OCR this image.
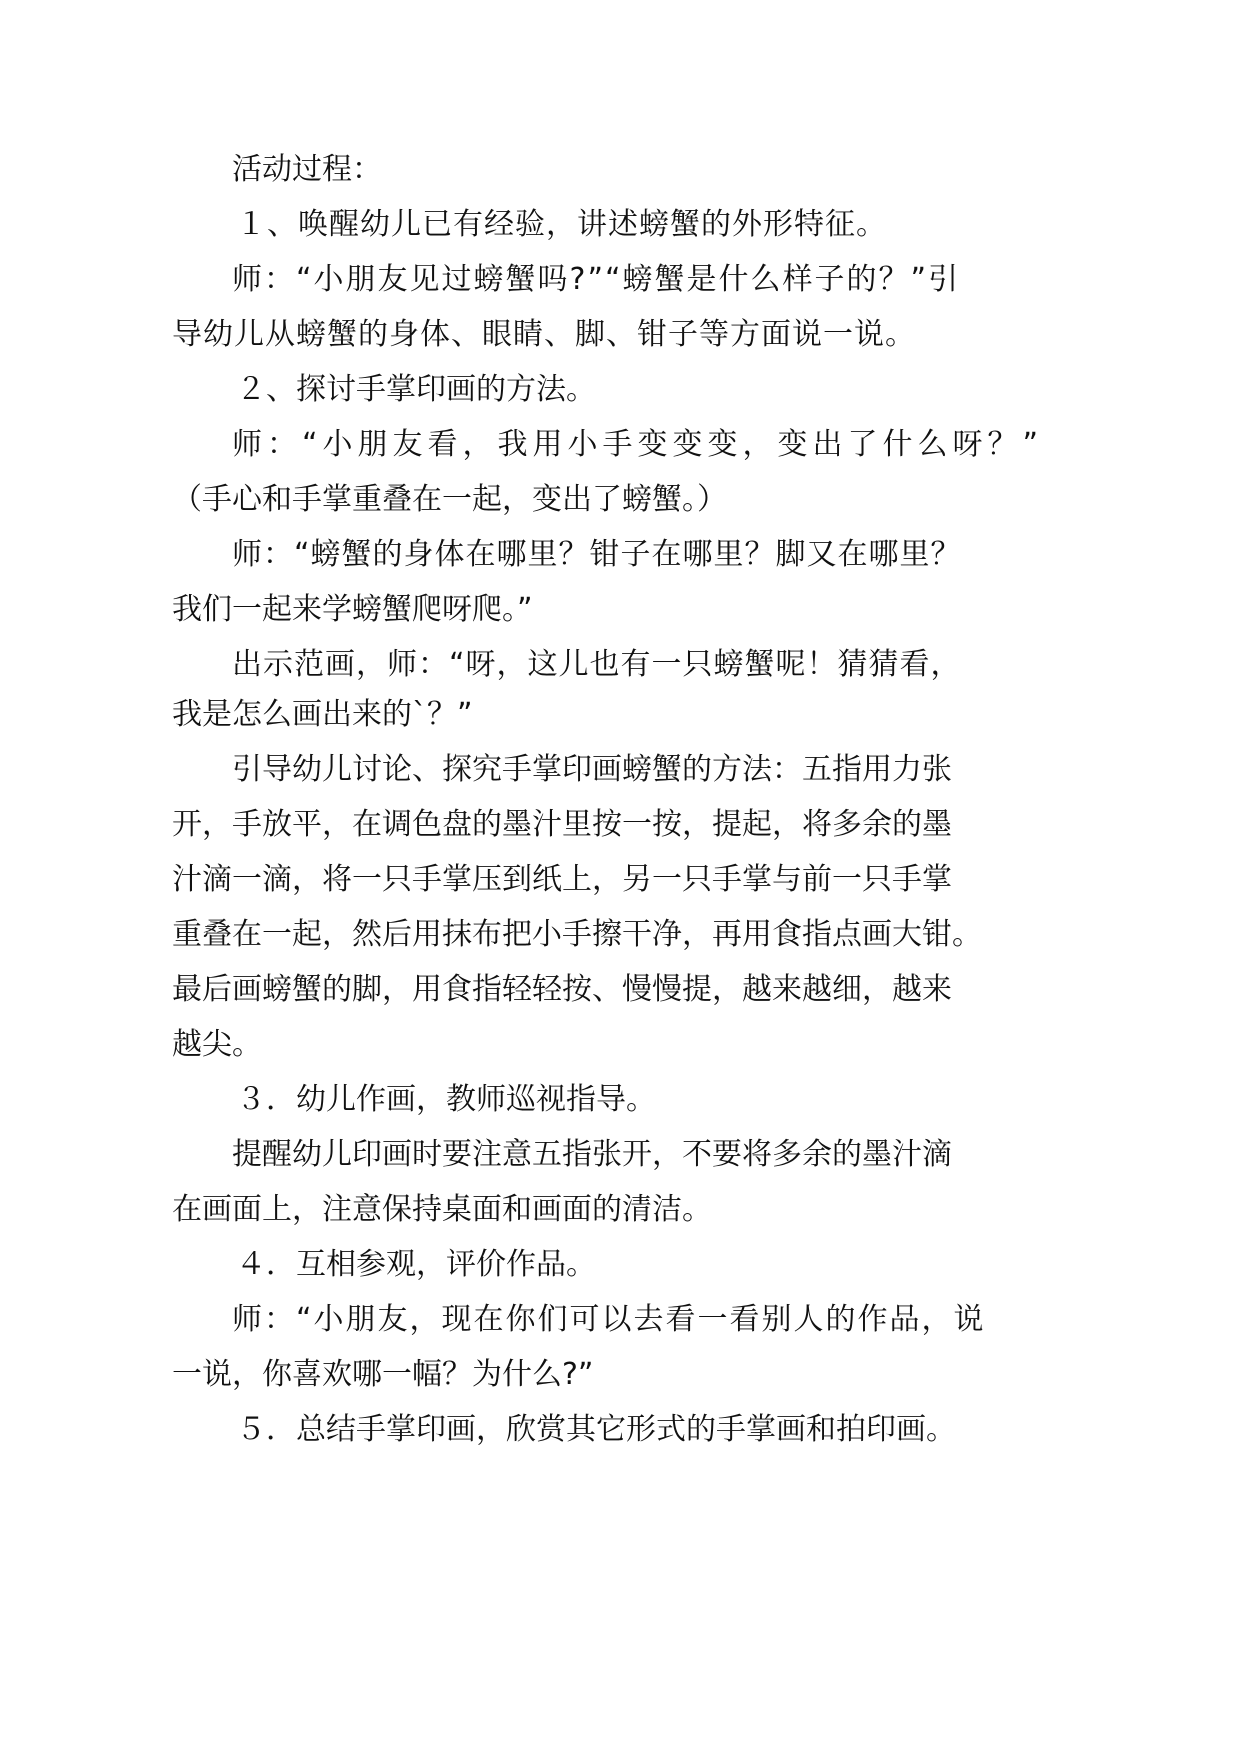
活动过程：
１、唤醒幼儿已有经验，讲述螃蟹的外形特征。
师：“小朋友见过螃蟹吗?”“螃蟹是什么样子的？”引
导幼儿从螃蟹的身体、眼睛、脚、钳子等方面说一说。
２、探讨手掌印画的方法。
师：“小朋友看，我用小手变变变，变出了什么呀？”
（手心和手掌重叠在一起，变出了螃蟹。）
师：“螃蟹的身体在哪里？钳子在哪里？脚又在哪里？
我们一起来学螃蟹爬呀爬。”
出示范画，师：“呀，这儿也有一只螃蟹呢！猜猜看，
我是怎么画出来的`？”
引导幼儿讨论、探究手掌印画螃蟹的方法：五指用力张
开，手放平，在调色盘的墨汁里按一按，提起，将多余的墨
汁滴一滴，将一只手掌压到纸上，另一只手掌与前一只手掌
重叠在一起，然后用抹布把小手擦干净，再用食指点画大钳。
最后画螃蟹的脚，用食指轻轻按、慢慢提，越来越细，越来
越尖。
３．幼儿作画，教师巡视指导。
提醒幼儿印画时要注意五指张开，不要将多余的墨汁滴
在画面上，注意保持桌面和画面的清洁。
４．互相参观，评价作品。
师：“小朋友，现在你们可以去看一看别人的作品，说
一说，你喜欢哪一幅？为什么?”
５．总结手掌印画，欣赏其它形式的手掌画和拍印画。
